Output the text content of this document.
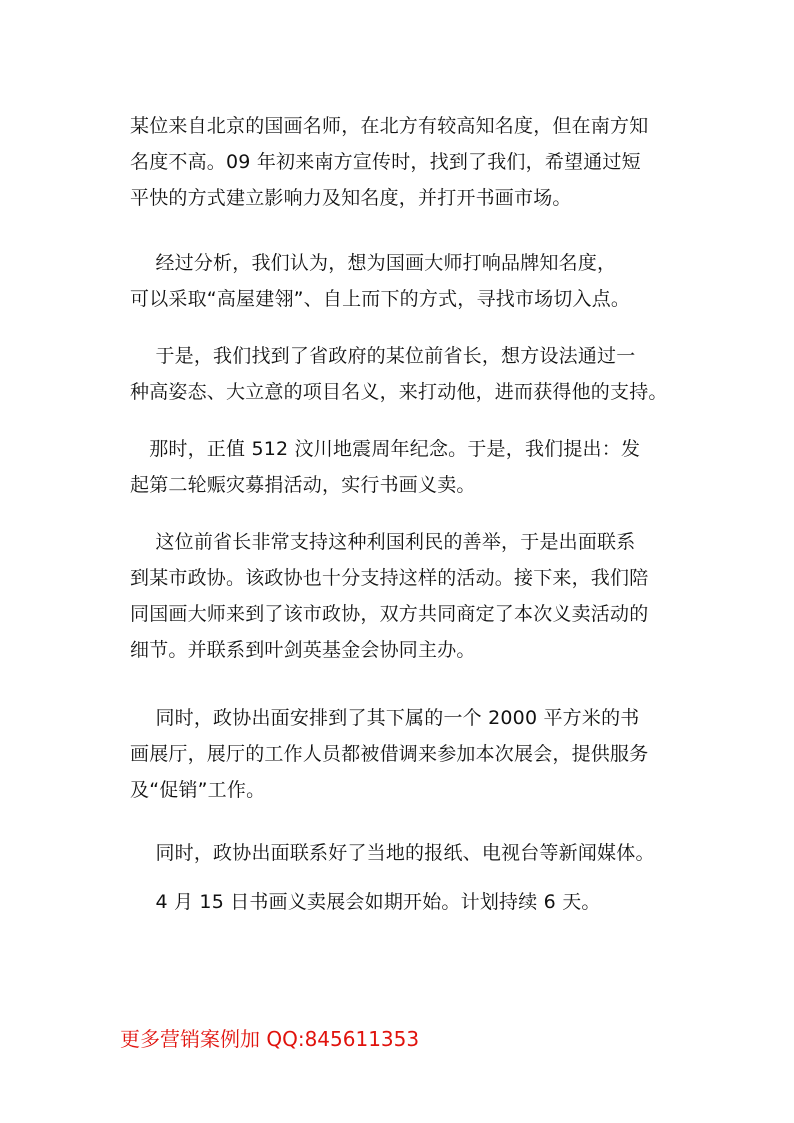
某位来自北京的国画名师，在北方有较高知名度，但在南方知
名度不高。09 年初来南方宣传时，找到了我们，希望通过短
平快的方式建立影响力及知名度，并打开书画市场。
　 经过分析，我们认为，想为国画大师打响品牌知名度，
可以采取“高屋建翎”、自上而下的方式，寻找市场切入点。
　 于是，我们找到了省政府的某位前省长，想方设法通过一
种高姿态、大立意的项目名义，来打动他，进而获得他的支持。
　那时，正值 512 汶川地震周年纪念。于是，我们提出：发
起第二轮赈灾募捐活动，实行书画义卖。
　 这位前省长非常支持这种利国利民的善举，于是出面联系
到某市政协。该政协也十分支持这样的活动。接下来，我们陪
同国画大师来到了该市政协，双方共同商定了本次义卖活动的
细节。并联系到叶剑英基金会协同主办。
　 同时，政协出面安排到了其下属的一个 2000 平方米的书
画展厅，展厅的工作人员都被借调来参加本次展会，提供服务
及“促销”工作。
　 同时，政协出面联系好了当地的报纸、电视台等新闻媒体。
　 4 月 15 日书画义卖展会如期开始。计划持续 6 天。
更多营销案例加 QQ:845611353
